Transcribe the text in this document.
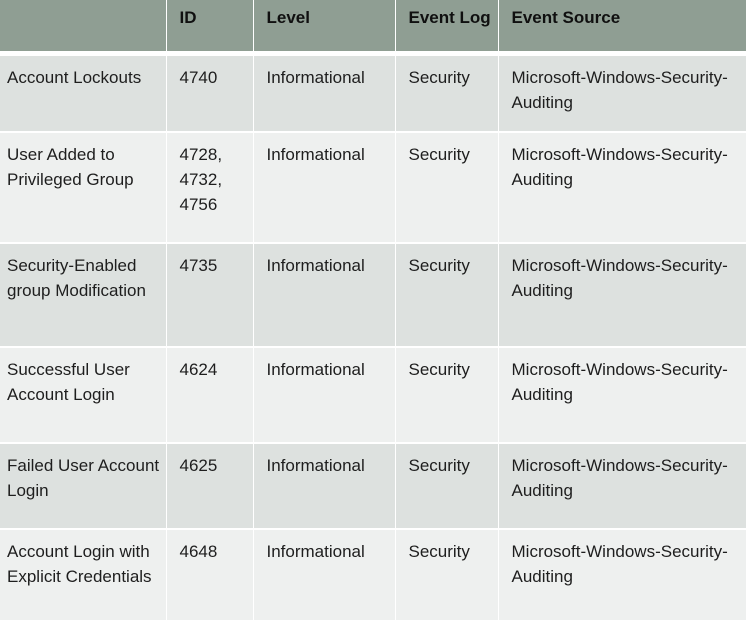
	ID	Level	Event Log	Event Source
Account Lockouts	4740	Informational	Security	Microsoft-Windows-Security-Auditing
User Added to Privileged Group	4728, 4732, 4756	Informational	Security	Microsoft-Windows-Security-Auditing
Security-Enabled group Modification	4735	Informational	Security	Microsoft-Windows-Security-Auditing
Successful User Account Login	4624	Informational	Security	Microsoft-Windows-Security-Auditing
Failed User Account Login	4625	Informational	Security	Microsoft-Windows-Security-Auditing
Account Login with Explicit Credentials	4648	Informational	Security	Microsoft-Windows-Security-Auditing
